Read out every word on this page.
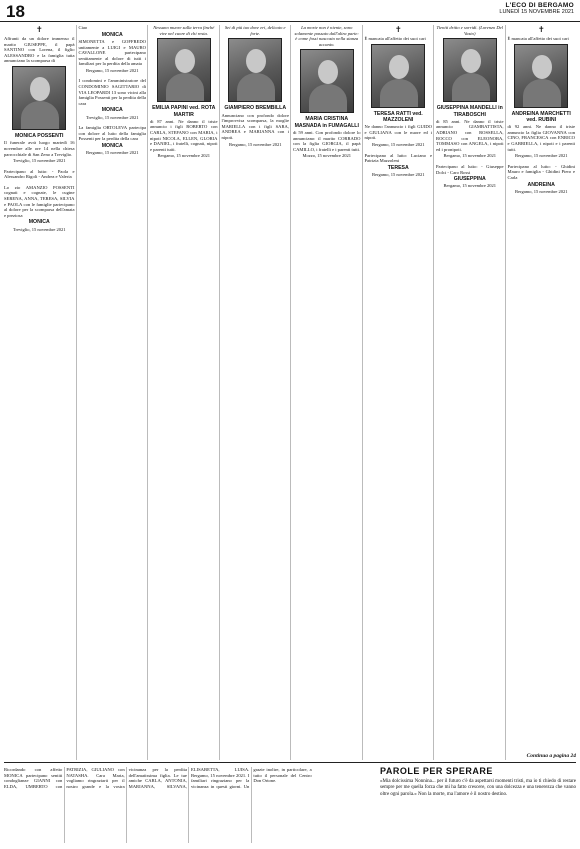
18	L'ECO DI BERGAMO
LUNEDÌ 15 NOVEMBRE 2021
✝
Affranti da un dolore immenso il marito GIUSEPPE, il papà SANTINO con Lorena, il figlio ALESSANDRO e la famiglia tutta annunciano la scomparsa di
MONICA POSSENTI
Il funerale avrà luogo martedì 16 novembre alle ore 14 nella chiesa parrocchiale di San Zeno a Treviglio.
Treviglio, 15 novembre 2021
Partecipano al lutto: - Paola e Alessandro Rigoli - Andrea e Valeria
Lo zio AMANZIO POSSENTI cognati e cognate, le cugine SERENA, ANNA, TERESA, SILVIA e PAOLA con le famiglie partecipano al dolore per la scomparsa dell'amata e preziosa
MONICA
Treviglio, 15 novembre 2021
Ciao
MONICA
SIMONETTA e GOFFREDO unitamente a LUIGI e MAURO CAVALLONE partecipano sentitamente al dolore di tutti i familiari per la perdita della amata
Bergamo, 15 novembre 2021
I condomini e l'amministratore del CONDOMINIO SAGITTARIO di VIA LEOPARDI 13 sono vicini alla famiglia Possenti per la perdita della cara
MONICA
Treviglio, 15 novembre 2021
La famiglia ORTOLEVA partecipa con dolore al lutto della famiglia Possenti per la perdita della cara
MONICA
Bergamo, 15 novembre 2021
Nessuno muore sulla terra finché vive nel cuore di chi resta.
EMILIA PAPINI ved. ROTA MARTIR
di 87 anni. Ne danno il triste annuncio i figli ROBERTO con CARLA, STEFANO con MARIA, i nipoti NICOLA, ELLEN, GLORIA e DANIEL, i fratelli, cognati, nipoti e parenti tutti.
Bergamo, 15 novembre 2021
Sei di più tuo dove eri, delicato e forte.
GIAMPIERO BREMBILLA
Annunciano con profondo dolore l'improvvisa scomparsa, la moglie MARIELLA con i figli SARA, ANDREA e MARIANNA con i nipoti.
Bergamo, 15 novembre 2021
La morte non è niente, sono solamente passato dall'altra parte: è come fossi nascosto nella stanza accanto.
MARIA CRISTINA MASNADA in FUMAGALLI
di 59 anni. Con profondo dolore lo annunciano: il marito CORRADO con la figlia GIORGIA, il papà CAMILLO, i fratelli e i parenti tutti.
Mozzo, 15 novembre 2021
✝
È mancata all'affetto dei suoi cari
TERESA RATTI ved. MAZZOLENI
Ne danno l'annuncio i figli GUIDO e GIULIANA con le nuore ed i nipoti.
Bergamo, 15 novembre 2021
Partecipano al lutto: Luciano e Patrizia Mazzoleni
TERESA
Bergamo, 15 novembre 2021
Tieniti dritto e sorridi. (Lorenzo Del Vasto)
GIUSEPPINA MANDELLI in TIRABOSCHI
di 85 anni. Ne danno il triste annuncio GIAMBATTISTA, ADRIANO con ROSSELLA, ROCCO con ELEONORA, TOMMASO con ANGELA, i nipoti ed i pronipoti.
Bergamo, 15 novembre 2021
Partecipano al lutto: - Giuseppe Dolci - Caro Rossi
GIUSEPPINA
Bergamo, 15 novembre 2021
✝
È mancata all'affetto dei suoi cari
ANDREINA MARCHETTI ved. RUBINI
di 92 anni. Ne danno il triste annuncio la figlia GIOVANNA con CINO, FRANCESCA con ENRICO e GABRIELLA, i nipoti e i parenti tutti.
Bergamo, 15 novembre 2021
Partecipano al lutto: - Ghidini Mauro e famiglia - Ghidini Piero e Carla
ANDREINA
Bergamo, 15 novembre 2021
Continua a pagina 24
Ricordando con affetto MONICA partecipano sentiti condoglianze GIANNI con ELDA, UMBERTO con PATRIZIA, GIULIANO con NATASHA. Cara Maria, vogliamo ringraziarti per il nostro grande e la vostra vicinanza per la perdita dell'amatissima figlia. Le tue amiche CARLA, ANTONIA, MARIANNA, SILVANA, ELISABETTA, LUISA. Bergamo, 15 novembre 2021. I familiari ringraziano per la vicinanza in questi giorni. Un grazie inoltre, in particolare, a tutto il personale del Centro Don Orione.
PAROLE PER SPERARE
«Mia dolcissima Nonnina... per il futuro c'è da aspettarsi momenti tristi, ma io ti chiedo di restare sempre per me quella forza che mi ha fatto crescere, con una dolcezza e una tenerezza che vanno oltre ogni parola.» Non la morte, ma l'amore è il nostro destino.
